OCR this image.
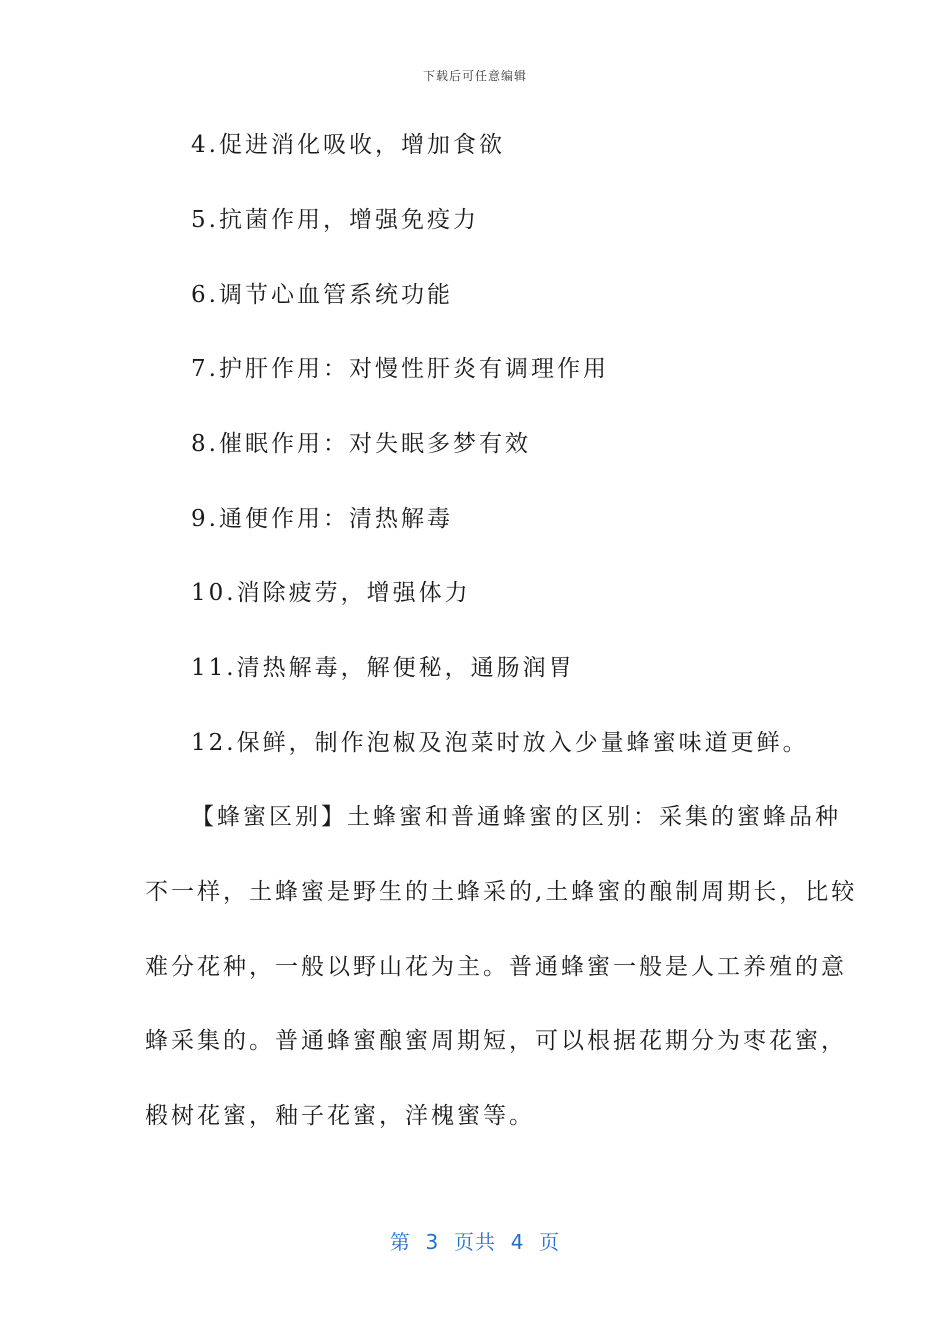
下载后可任意编辑
4.促进消化吸收，增加食欲
5.抗菌作用，增强免疫力
6.调节心血管系统功能
7.护肝作用：对慢性肝炎有调理作用
8.催眠作用：对失眠多梦有效
9.通便作用：清热解毒
10.消除疲劳，增强体力
11.清热解毒，解便秘，通肠润胃
12.保鲜，制作泡椒及泡菜时放入少量蜂蜜味道更鲜。
【蜂蜜区别】土蜂蜜和普通蜂蜜的区别：采集的蜜蜂品种
不一样，土蜂蜜是野生的土蜂采的,土蜂蜜的酿制周期长，比较
难分花种，一般以野山花为主。普通蜂蜜一般是人工养殖的意
蜂采集的。普通蜂蜜酿蜜周期短，可以根据花期分为枣花蜜，
椴树花蜜，釉子花蜜，洋槐蜜等。
第  3  页共  4  页
